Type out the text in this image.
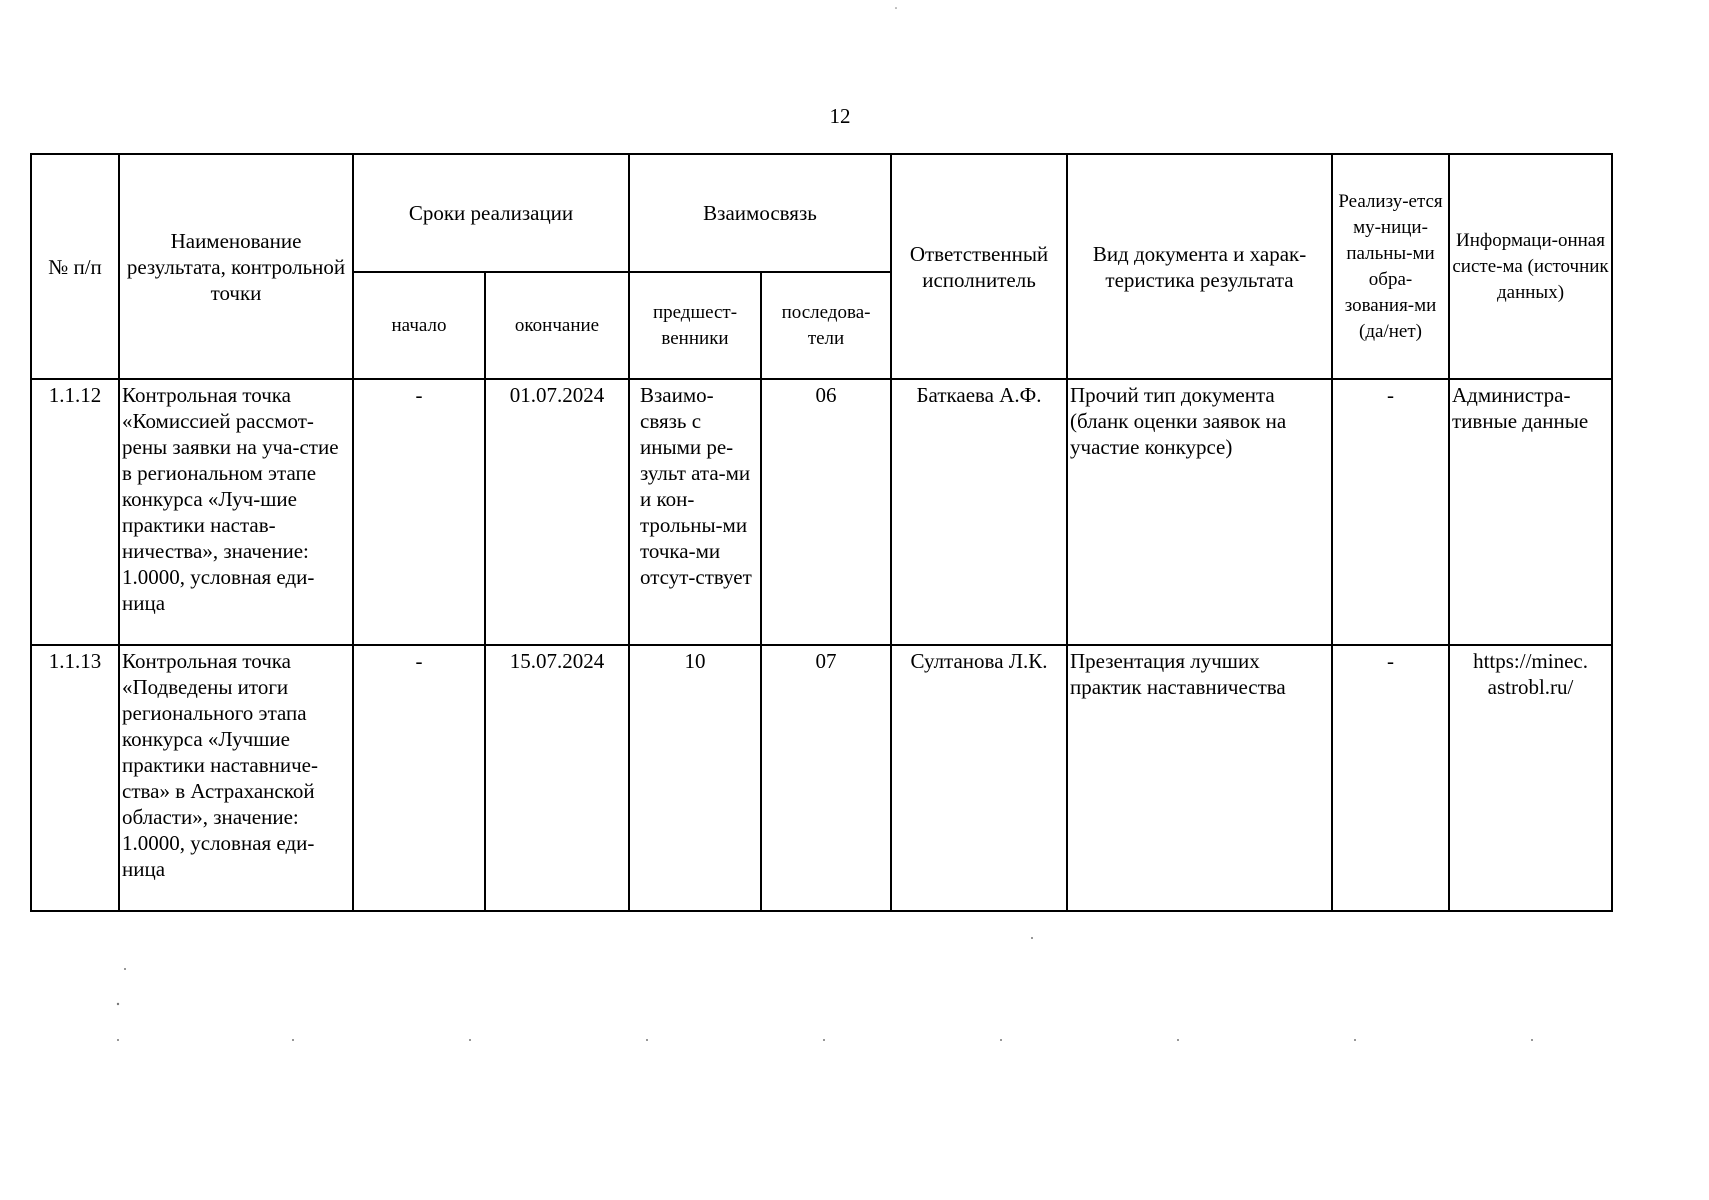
12
№ п/п	Наименование результата, контрольной точки	Сроки реализации		Взаимосвязь		Ответственный исполнитель	Вид документа и харак-теристика результата	Реализу-ется му-ници-пальны-ми обра-зования-ми (да/нет)	Информаци-онная систе-ма (источник данных)
		начало	окончание	предшест-венники	последова-тели				
1.1.12	Контрольная точка «Комиссией рассмот-рены заявки на уча-стие в региональном этапе конкурса «Луч-шие практики настав-ничества», значение: 1.0000, условная еди-ница	-	01.07.2024	Взаимо-связь с иными ре-зульт ата-ми и кон-трольны-ми точка-ми отсут-ствует	06	Баткаева А.Ф.	Прочий тип документа (бланк оценки заявок на участие конкурсе)	-	Администра-тивные данные
1.1.13	Контрольная точка «Подведены итоги регионального этапа конкурса «Лучшие практики наставниче-ства» в Астраханской области», значение: 1.0000, условная еди-ница	-	15.07.2024	10	07	Султанова Л.К.	Презентация лучших практик наставничества	-	https://minec. astrobl.ru/
